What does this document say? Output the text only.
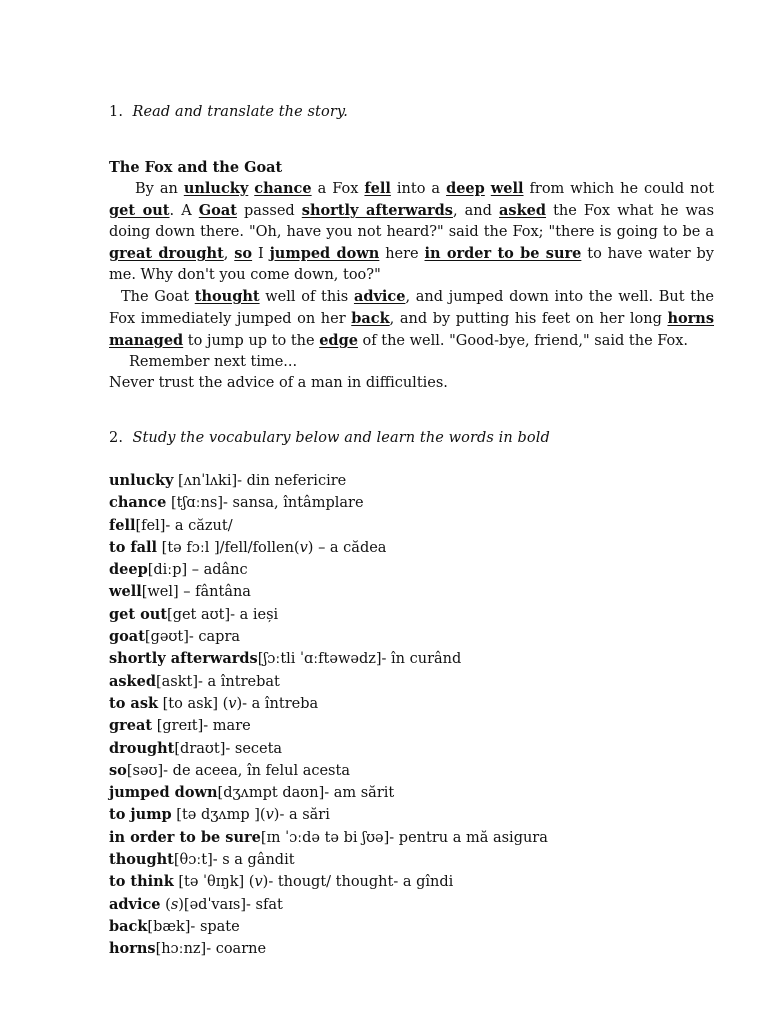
1. Read and translate the story.
The Fox and the Goat

By an unlucky chance a Fox fell into a deep well from which he could not get out. A Goat passed shortly afterwards, and asked the Fox what he was doing down there. "Oh, have you not heard?" said the Fox; "there is going to be a great drought, so I jumped down here in order to be sure to have water by me. Why don't you come down, too?"

The Goat thought well of this advice, and jumped down into the well. But the Fox immediately jumped on her back, and by putting his feet on her long horns managed to jump up to the edge of the well. "Good-bye, friend," said the Fox.

Remember next time...

Never trust the advice of a man in difficulties.

2. Study the vocabulary below and learn the words in bold
unlucky [ʌnˈlʌki]- din nefericire
chance [tʃɑːns]- sansa, întâmplare
fell[fel]- a căzut/
to fall [tə fɔːl ]/fell/follen(v) – a cădea
deep[diːp] – adânc
well[wel] – fântâna
get out[get aʊt]- a ieși
goat[gəʊt]- capra
shortly afterwards[ʃɔːtli ˈɑːftəwədz]- în curând
asked[askt]- a întrebat
to ask [to ask] (v)- a întreba
great [greɪt]- mare
drought[draʊt]- seceta
so[səʊ]- de aceea, în felul acesta
jumped down[dʒʌmpt daʊn]- am sărit
to jump [tə dʒʌmp ](v)- a sări
in order to be sure[ɪn ˈɔːdə tə bi ʃʊə]- pentru a mă asigura
thought[θɔːt]- s a gândit
to think [tə ˈθɪŋk] (v)- thougt/ thought- a gîndi
advice (s)[ədˈvaɪs]- sfat
back[bæk]- spate
horns[hɔːnz]- coarne
